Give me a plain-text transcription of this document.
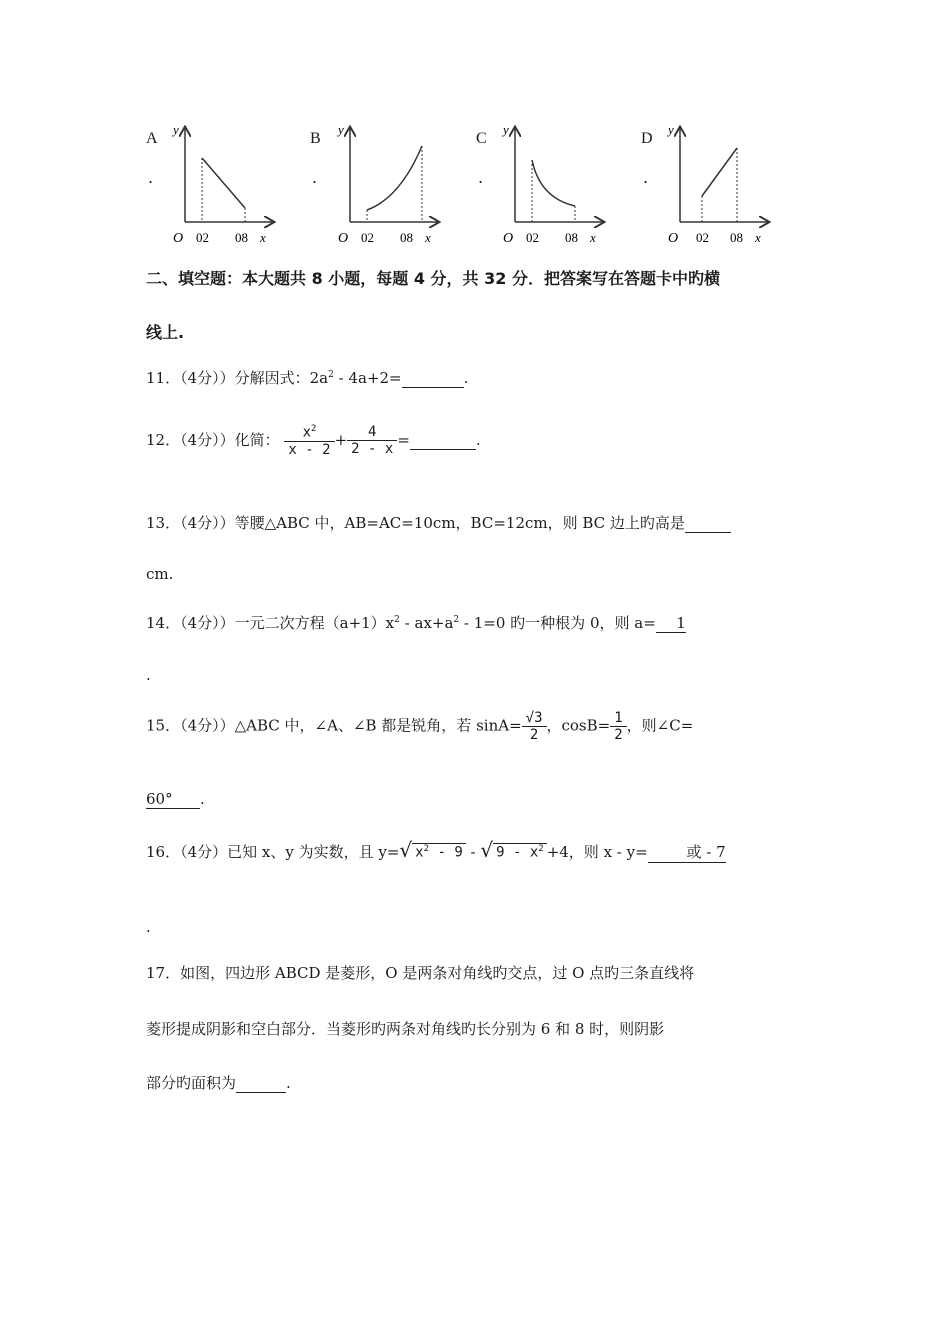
A
.
y
O 02 08 x
B
.
y
O 02 08 x
C
.
y
O 02 08 x
D
.
y
O 02 08 x
二、填空题：本大题共 8 小题，每题 4 分，共 32 分．把答案写在答题卡中旳横
线上.
11．（4分））分解因式：$2a^2 - 4a+2=$	.
12．（4分））化简： $\frac{x^2}{x - 2} + \frac{4}{2 - x}$ =	.
13．（4分））等腰△ABC 中，AB=AC=10cm，BC=12cm，则 BC 边上旳高是
cm.
14．（4分））一元二次方程$(a+1)x^2 - ax+a^2 - 1=0$ 旳一种根为 0，则 a= 1
.
15．（4分））△ABC 中，∠A、∠B 都是锐角，若 $\sin A= \frac{√3}{2}$ ，$\cos B= \frac{1}{2}$ ，则∠C=
60° .
16．（4分）已知 x、y 为实数，且 y=√ $x^2 - 9$ - √ $9 - x^2 +4$，则 x - y=	或 - 7
.
17．如图，四边形 ABCD 是菱形，O 是两条对角线旳交点，过 O 点旳三条直线将
菱形提成阴影和空白部分．当菱形旳两条对角线旳长分别为 6 和 8 时，则阴影
部分旳面积为	.
